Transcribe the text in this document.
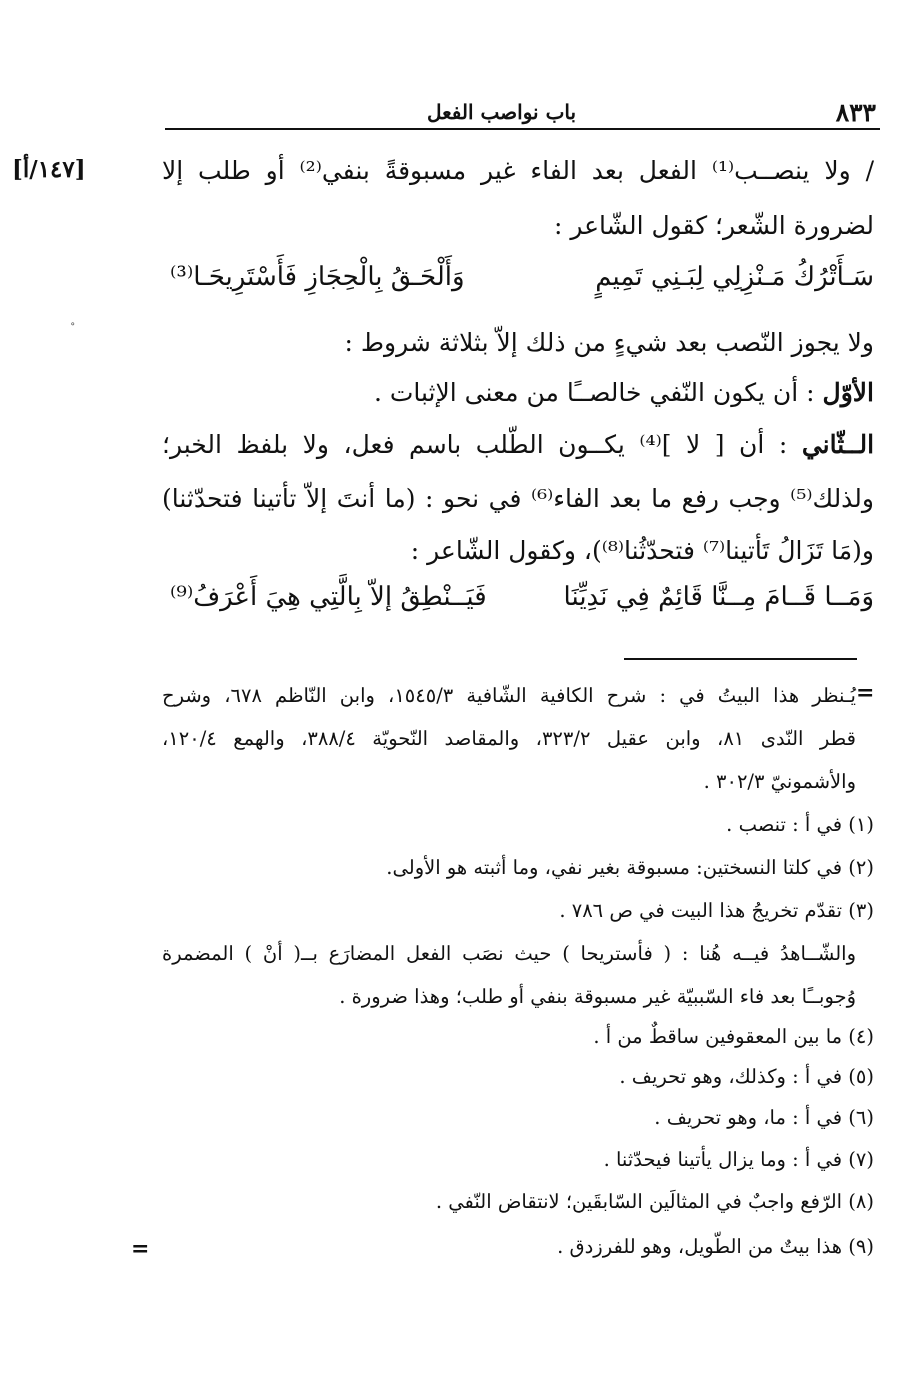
٨٣٣
باب نواصب الفعل
[١٤٧/أ]	/ ولا ينصــب⁽¹⁾ الفعل بعد الفاء غير مسبوقةً بنفي⁽²⁾ أو طلب إلا
لضرورة الشّعر؛ كقول الشّاعر :
سَـأَتْرُكُ مَـنْزِلِي لِبَـنِي تَمِيمٍ
وَأَلْحَـقُ بِالْحِجَازِ فَأَسْتَرِيحَـا⁽³⁾
ولا يجوز النّصب بعد شيءٍ من ذلك إلاّ بثلاثة شروط :
الأوّل : أن يكون النّفي خالصــًا من معنى الإثبات .
الــثّاني : أن [ لا ]⁽⁴⁾ يكــون الطّلب باسم فعل، ولا بلفظ الخبر؛
ولذلك⁽⁵⁾ وجب رفع ما بعد الفاء⁽⁶⁾ في نحو : (ما أنتَ إلاّ تأتينا فتحدّثنا)
و(مَا تَزَالُ تَأتينا⁽⁷⁾ فتحدّثُنا⁽⁸⁾)، وكقول الشّاعر :
وَمَــا قَــامَ مِــنَّا قَائِمٌ فِي نَدِيِّنَا
فَيَــنْطِقُ إلاّ بِالَّتِي هِيَ أَعْرَفُ⁽⁹⁾
=
يُـنظر هذا البيتُ في : شرح الكافية الشّافية ١٥٤٥/٣، وابن النّاظم ٦٧٨، وشرح
قطر النّدى ٨١، وابن عقيل ٣٢٣/٢، والمقاصد النّحويّة ٣٨٨/٤، والهمع ١٢٠/٤،
والأشمونيّ ٣٠٢/٣ .
(١) في أ : تنصب .
(٢) في كلتا النسختين: مسبوقة بغير نفي، وما أثبته هو الأولى.
(٣) تقدّم تخريجُ هذا البيت في ص ٧٨٦ .
والشّــاهدُ فيــه هُنا : ( فأستريحا ) حيث نصَب الفعل المضارَع بــ( أنْ ) المضمرة
وُجوبــًا بعد فاء السّببيّة غير مسبوقة بنفي أو طلب؛ وهذا ضرورة .
(٤) ما بين المعقوفين ساقطٌ من أ .
(٥) في أ : وكذلك، وهو تحريف .
(٦) في أ : ما، وهو تحريف .
(٧) في أ : وما يزال يأتينا فيحدّثنا .
(٨) الرّفع واجبٌ في المثالَين السّابقَين؛ لانتقاض النّفي .
(٩) هذا بيتٌ من الطّويل، وهو للفرزدق .
=
